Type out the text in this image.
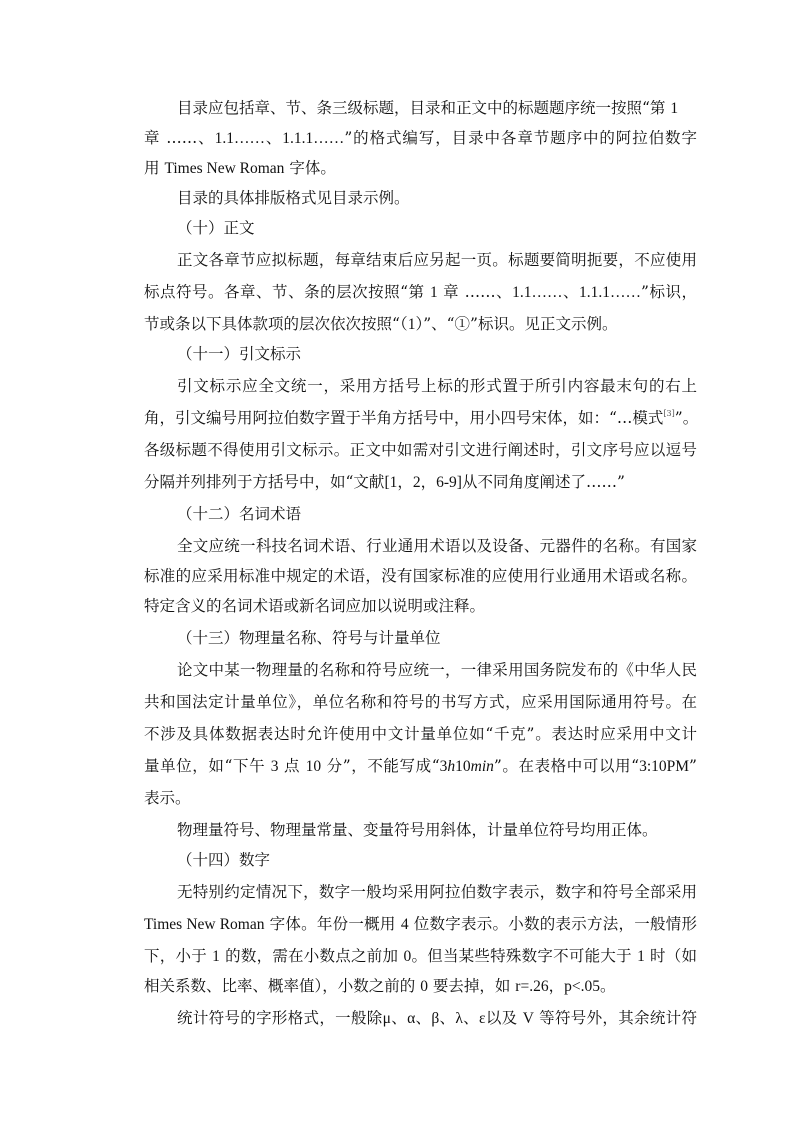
目录应包括章、节、条三级标题，目录和正文中的标题题序统一按照“第 1

章 ……、1.1……、1.1.1……”的格式编写，目录中各章节题序中的阿拉伯数字

用 Times New Roman 字体。

目录的具体排版格式见目录示例。

（十）正文

正文各章节应拟标题，每章结束后应另起一页。标题要简明扼要，不应使用

标点符号。各章、节、条的层次按照“第 1 章 ……、1.1……、1.1.1……”标识，

节或条以下具体款项的层次依次按照“（1）”、“①”标识。见正文示例。

（十一）引文标示

引文标示应全文统一，采用方括号上标的形式置于所引内容最末句的右上

角，引文编号用阿拉伯数字置于半角方括号中，用小四号宋体，如：“…模式[3]”。

各级标题不得使用引文标示。正文中如需对引文进行阐述时，引文序号应以逗号

分隔并列排列于方括号中，如“文献[1，2，6-9]从不同角度阐述了……”

（十二）名词术语

全文应统一科技名词术语、行业通用术语以及设备、元器件的名称。有国家

标准的应采用标准中规定的术语，没有国家标准的应使用行业通用术语或名称。

特定含义的名词术语或新名词应加以说明或注释。

（十三）物理量名称、符号与计量单位

论文中某一物理量的名称和符号应统一，一律采用国务院发布的《中华人民

共和国法定计量单位》，单位名称和符号的书写方式，应采用国际通用符号。在

不涉及具体数据表达时允许使用中文计量单位如“千克”。表达时应采用中文计

量单位，如“下午 3 点 10 分”，不能写成“3h10min”。在表格中可以用“3:10PM”

表示。

物理量符号、物理量常量、变量符号用斜体，计量单位符号均用正体。

（十四）数字

无特别约定情况下，数字一般均采用阿拉伯数字表示，数字和符号全部采用

Times New Roman 字体。年份一概用 4 位数字表示。小数的表示方法，一般情形

下，小于 1 的数，需在小数点之前加 0。但当某些特殊数字不可能大于 1 时（如

相关系数、比率、概率值），小数之前的 0 要去掉，如 r=.26，p<.05。

统计符号的字形格式，一般除μ、α、β、λ、ε以及 V 等符号外，其余统计符
